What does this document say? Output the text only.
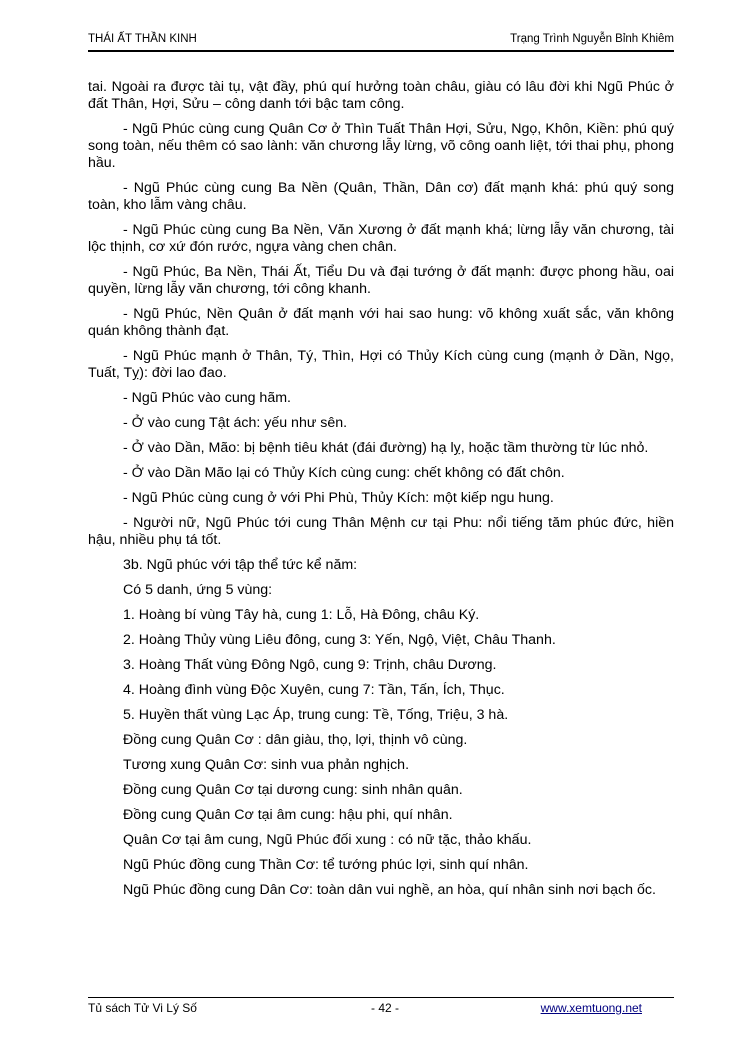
THÁI ẤT THẦN KINH	Trạng Trình Nguyễn Bỉnh Khiêm

tai. Ngoài ra được tài tụ, vật đầy, phú quí hưởng toàn châu, giàu có lâu đời khi Ngũ Phúc ở đất Thân, Hợi, Sửu – công danh tới bậc tam công.

- Ngũ Phúc cùng cung Quân Cơ ở Thìn Tuất Thân Hợi, Sửu, Ngọ, Khôn, Kiền: phú quý song toàn, nếu thêm có sao lành: văn chương lẫy lừng, võ công oanh liệt, tới thai phụ, phong hầu.

- Ngũ Phúc cùng cung Ba Nền (Quân, Thần, Dân cơ) đất mạnh khá: phú quý song toàn, kho lẫm vàng châu.

- Ngũ Phúc cùng cung Ba Nền, Văn Xương ở đất mạnh khá; lừng lẫy văn chương, tài lộc thịnh, cơ xứ đón rước, ngựa vàng chen chân.

- Ngũ Phúc, Ba Nền, Thái Ất, Tiểu Du và đại tướng ở đất mạnh: được phong hầu, oai quyền, lừng lẫy văn chương, tới công khanh.

- Ngũ Phúc, Nền Quân ở đất mạnh với hai sao hung: võ không xuất sắc, văn không quán không thành đạt.

- Ngũ Phúc mạnh ở Thân, Tý, Thìn, Hợi có Thủy Kích cùng cung (mạnh ở Dần, Ngọ, Tuất, Tỵ): đời lao đao.

- Ngũ Phúc vào cung hãm.

- Ở vào cung Tật ách: yếu như sên.

- Ở vào Dần, Mão: bị bệnh tiêu khát (đái đường) hạ lỵ, hoặc tầm thường từ lúc nhỏ.

- Ở vào Dần Mão lại có Thủy Kích cùng cung: chết không có đất chôn.

- Ngũ Phúc cùng cung ở với Phi Phù, Thủy Kích: một kiếp ngu hung.

- Người nữ, Ngũ Phúc tới cung Thân Mệnh cư tại Phu: nổi tiếng tăm phúc đức, hiền hậu, nhiều phụ tá tốt.

3b. Ngũ phúc với tập thể tức kể năm:

Có 5 danh, ứng 5 vùng:

1. Hoàng bí vùng Tây hà, cung 1: Lỗ, Hà Đông, châu Ký.

2. Hoàng Thủy vùng Liêu đông, cung 3: Yến, Ngộ, Việt, Châu Thanh.

3. Hoàng Thất vùng Đông Ngô, cung 9: Trịnh, châu Dương.

4. Hoàng đình vùng Độc Xuyên, cung 7: Tần, Tấn, Ích, Thục.

5. Huyền thất vùng Lạc Áp, trung cung: Tề, Tống, Triệu, 3 hà.

Đồng cung Quân Cơ : dân giàu, thọ, lợi, thịnh vô cùng.

Tương xung Quân Cơ: sinh vua phản nghịch.

Đồng cung Quân Cơ tại dương cung: sinh nhân quân.

Đồng cung Quân Cơ tại âm cung: hậu phi, quí nhân.

Quân Cơ tại âm cung, Ngũ Phúc đối xung : có nữ tặc, thảo khấu.

Ngũ Phúc đồng cung Thần Cơ: tể tướng phúc lợi, sinh quí nhân.

Ngũ Phúc đồng cung Dân Cơ: toàn dân vui nghề, an hòa, quí nhân sinh nơi bạch ốc.

Tủ sách Tử Vi Lý Số	- 42 -	www.xemtuong.net
